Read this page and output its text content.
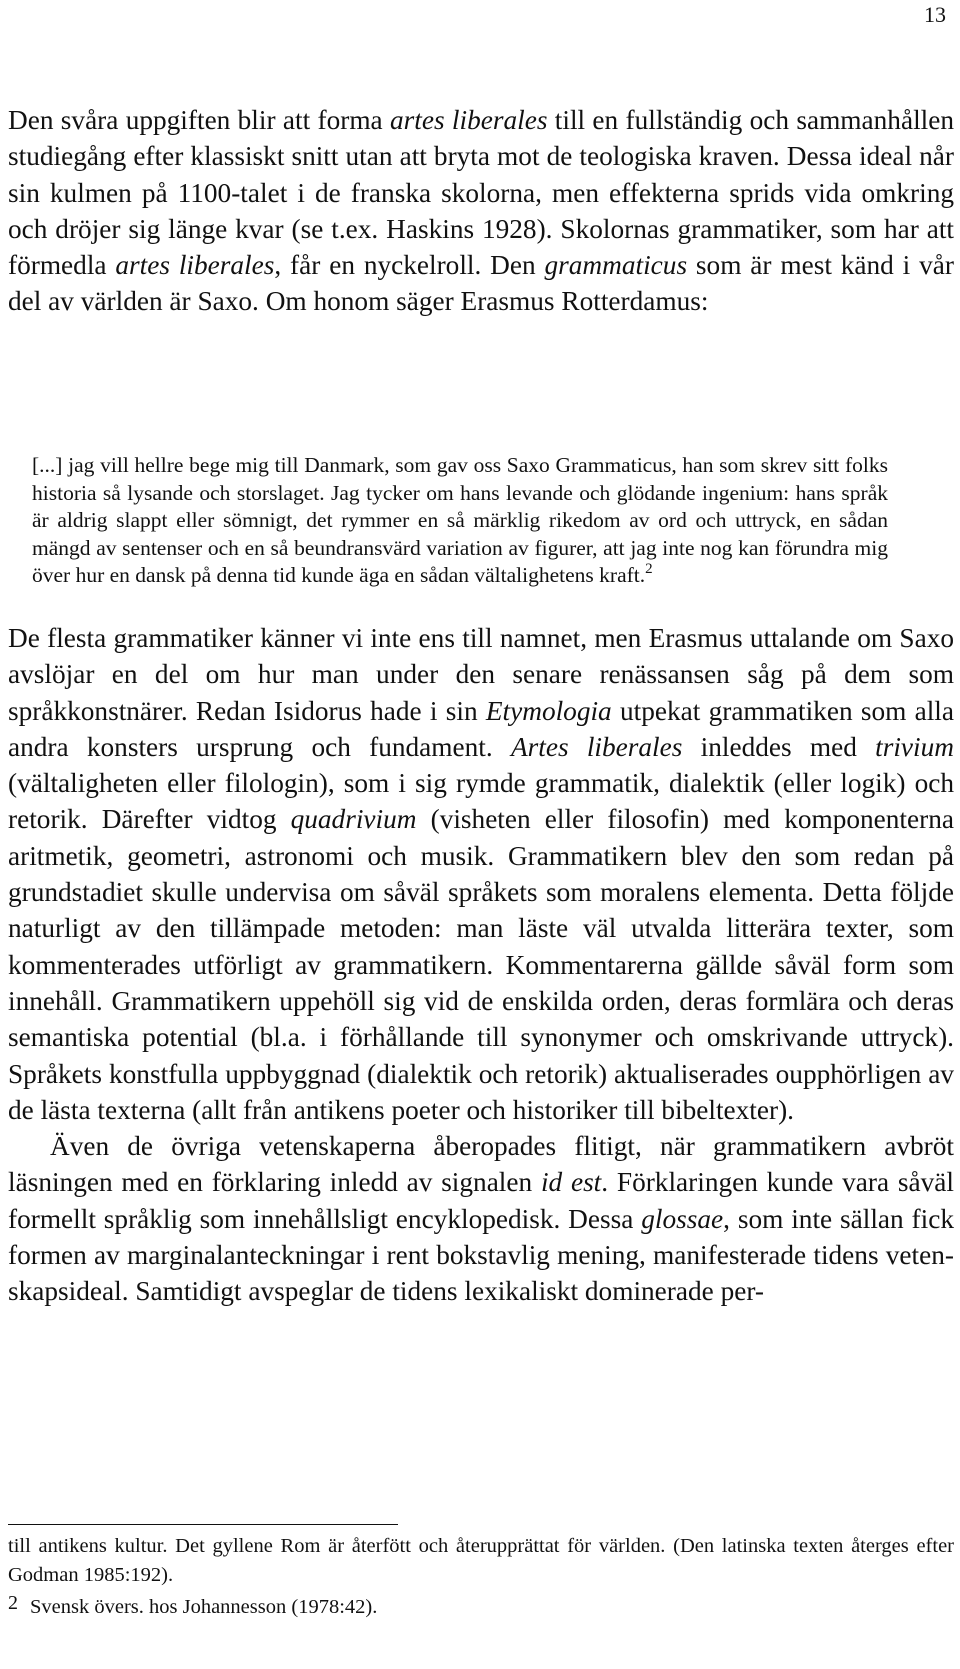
13

Den svåra uppgiften blir att forma artes liberales till en fullständig och sammanhållen studiegång efter klassiskt snitt utan att bryta mot de teologiska kraven. Dessa ideal når sin kulmen på 1100-talet i de franska skolorna, men effekterna sprids vida omkring och dröjer sig länge kvar (se t.ex. Haskins 1928). Skolornas grammatiker, som har att förmedla artes liberales, får en nyckelroll. Den grammaticus som är mest känd i vår del av världen är Saxo. Om honom säger Erasmus Rotterdamus:

[...] jag vill hellre bege mig till Danmark, som gav oss Saxo Grammaticus, han som skrev sitt folks historia så lysande och storslaget. Jag tycker om hans levande och glödande ingenium: hans språk är aldrig slappt eller sömnigt, det rymmer en så märklig rikedom av ord och uttryck, en sådan mängd av sentenser och en så beundransvärd variation av figurer, att jag inte nog kan förundra mig över hur en dansk på denna tid kunde äga en sådan vältalighetens kraft.$^2$

De flesta grammatiker känner vi inte ens till namnet, men Erasmus uttalande om Saxo avslöjar en del om hur man under den senare renässansen såg på dem som språkkonstnärer. Redan Isidorus hade i sin Etymologia utpekat grammatiken som alla andra konsters ursprung och fundament. Artes liberales inleddes med trivium (vältaligheten eller filologin), som i sig rymde grammatik, dialektik (eller logik) och retorik. Därefter vidtog quadrivium (visheten eller filosofin) med komponenterna aritmetik, geometri, astronomi och musik. Grammatikern blev den som redan på grundstadiet skulle undervisa om såväl språkets som moralens elementa. Detta följde naturligt av den tillämpade metoden: man läste väl utvalda litterära texter, som kommenterades utförligt av grammatikern. Kommentarerna gällde såväl form som innehåll. Grammatikern uppehöll sig vid de enskilda orden, deras formlära och deras semantiska potential (bl.a. i förhållande till synonymer och omskrivande uttryck). Språkets konstfulla uppbyggnad (dialektik och retorik) aktualiserades oupphörligen av de lästa texterna (allt från antikens poeter och historiker till bibeltexter).

Även de övriga vetenskaperna åberopades flitigt, när grammatikern avbröt läsningen med en förklaring inledd av signalen id est. Förklaringen kunde vara såväl formellt språklig som innehållsligt encyklopedisk. Dessa glossae, som inte sällan fick formen av marginalanteckningar i rent bokstavlig mening, manifesterade tidens vetenskapsideal. Samtidigt avspeglar de tidens lexikaliskt dominerade per-

till antikens kultur. Det gyllene Rom är återfött och återupprättat för världen. (Den latinska texten återges efter Godman 1985:192).

2 Svensk övers. hos Johannesson (1978:42).
